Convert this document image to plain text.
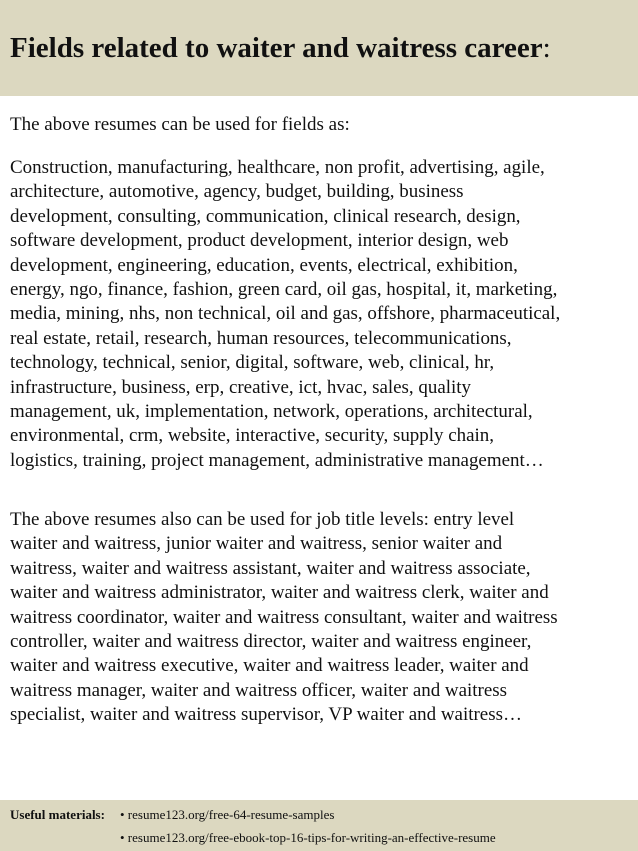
Fields related to waiter and waitress career:

The above resumes can be used for fields as:

Construction, manufacturing, healthcare, non profit, advertising, agile,
architecture, automotive, agency, budget, building, business
development, consulting, communication, clinical research, design,
software development, product development, interior design, web
development, engineering, education, events, electrical, exhibition,
energy, ngo, finance, fashion, green card, oil gas, hospital, it, marketing,
media, mining, nhs, non technical, oil and gas, offshore, pharmaceutical,
real estate, retail, research, human resources, telecommunications,
technology, technical, senior, digital, software, web, clinical, hr,
infrastructure, business, erp, creative, ict, hvac, sales, quality
management, uk, implementation, network, operations, architectural,
environmental, crm, website, interactive, security, supply chain,
logistics, training, project management, administrative management…

The above resumes also can be used for job title levels: entry level
waiter and waitress, junior waiter and waitress, senior waiter and
waitress, waiter and waitress assistant, waiter and waitress associate,
waiter and waitress administrator, waiter and waitress clerk, waiter and
waitress coordinator, waiter and waitress consultant, waiter and waitress
controller, waiter and waitress director, waiter and waitress engineer,
waiter and waitress executive, waiter and waitress leader, waiter and
waitress manager, waiter and waitress officer, waiter and waitress
specialist, waiter and waitress supervisor, VP waiter and waitress…

Useful materials: • resume123.org/free-64-resume-samples
• resume123.org/free-ebook-top-16-tips-for-writing-an-effective-resume
